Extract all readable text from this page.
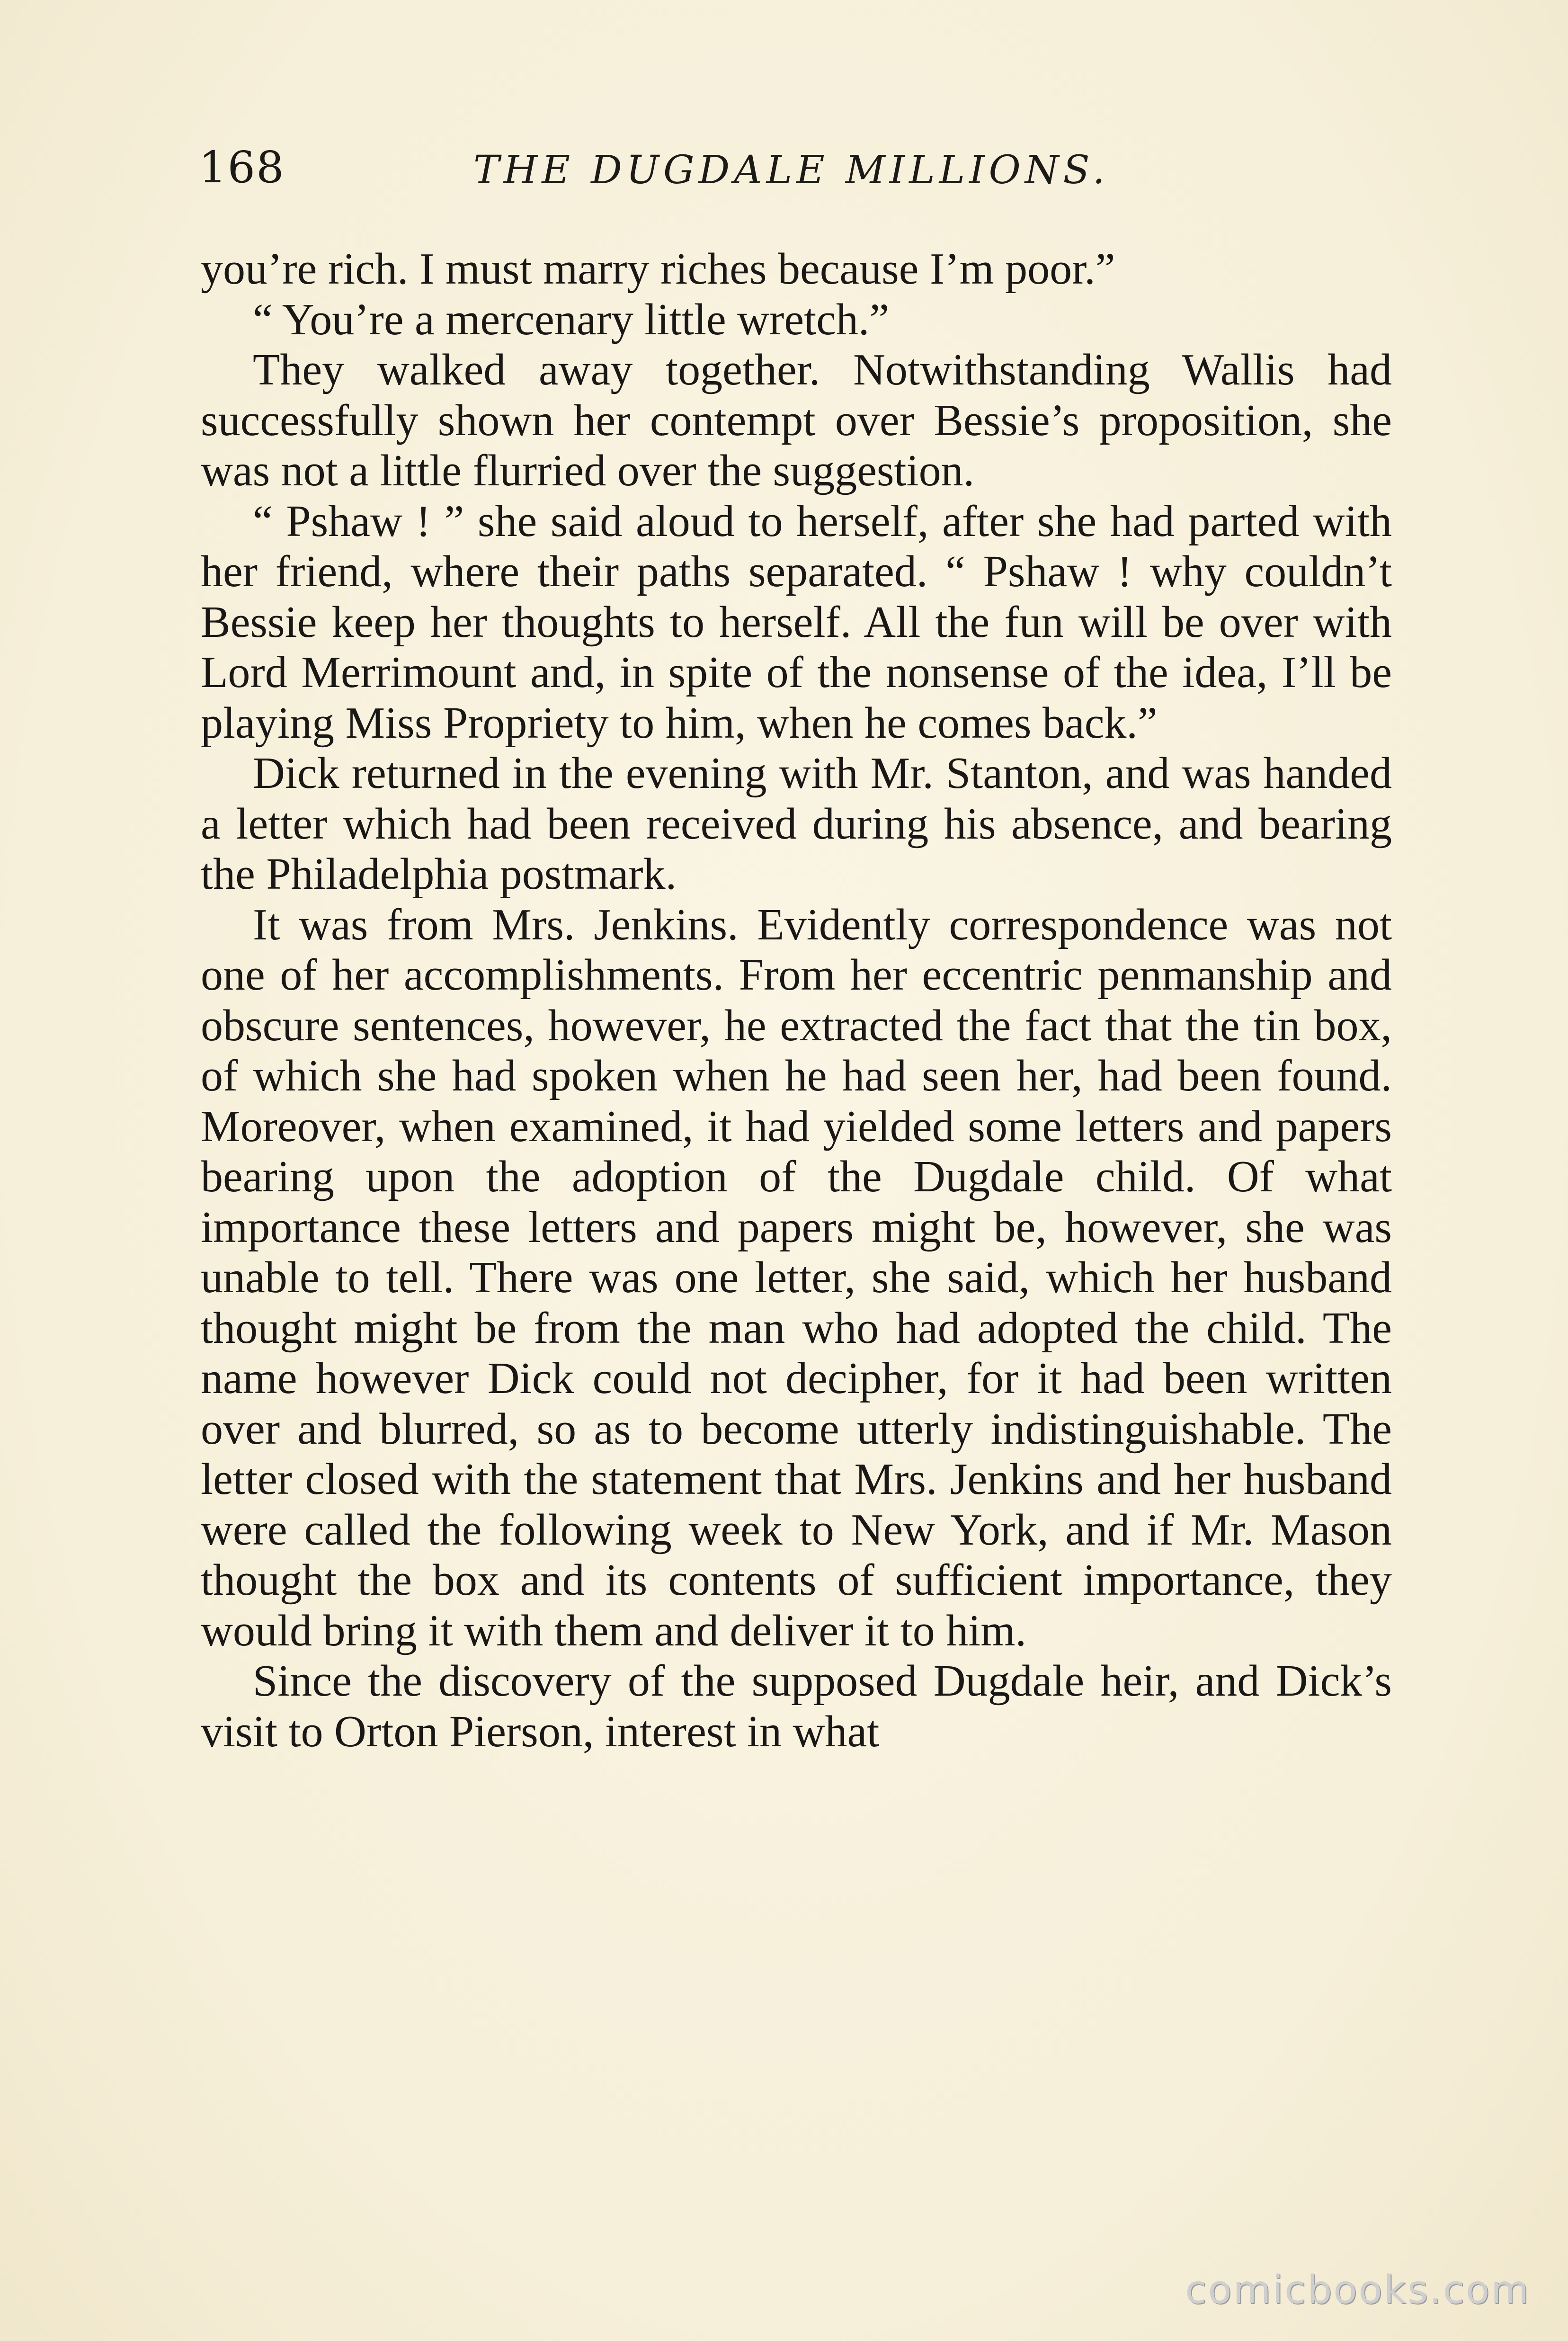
168	THE DUGDALE MILLIONS.

you’re rich. I must marry riches because I’m poor.”

“ You’re a mercenary little wretch.”

They walked away together. Notwithstanding Wallis had successfully shown her contempt over Bessie’s proposition, she was not a little flurried over the suggestion.

“ Pshaw ! ” she said aloud to herself, after she had parted with her friend, where their paths separated. “ Pshaw ! why couldn’t Bessie keep her thoughts to herself. All the fun will be over with Lord Merrimount and, in spite of the nonsense of the idea, I’ll be playing Miss Propriety to him, when he comes back.”

Dick returned in the evening with Mr. Stanton, and was handed a letter which had been received during his absence, and bearing the Philadelphia postmark.

It was from Mrs. Jenkins. Evidently correspondence was not one of her accomplishments. From her eccentric penmanship and obscure sentences, however, he extracted the fact that the tin box, of which she had spoken when he had seen her, had been found. Moreover, when examined, it had yielded some letters and papers bearing upon the adoption of the Dugdale child. Of what importance these letters and papers might be, however, she was unable to tell. There was one letter, she said, which her husband thought might be from the man who had adopted the child. The name however Dick could not decipher, for it had been written over and blurred, so as to become utterly indistinguishable. The letter closed with the statement that Mrs. Jenkins and her husband were called the following week to New York, and if Mr. Mason thought the box and its contents of sufficient importance, they would bring it with them and deliver it to him.

Since the discovery of the supposed Dugdale heir, and Dick’s visit to Orton Pierson, interest in what

comicbooks.com
